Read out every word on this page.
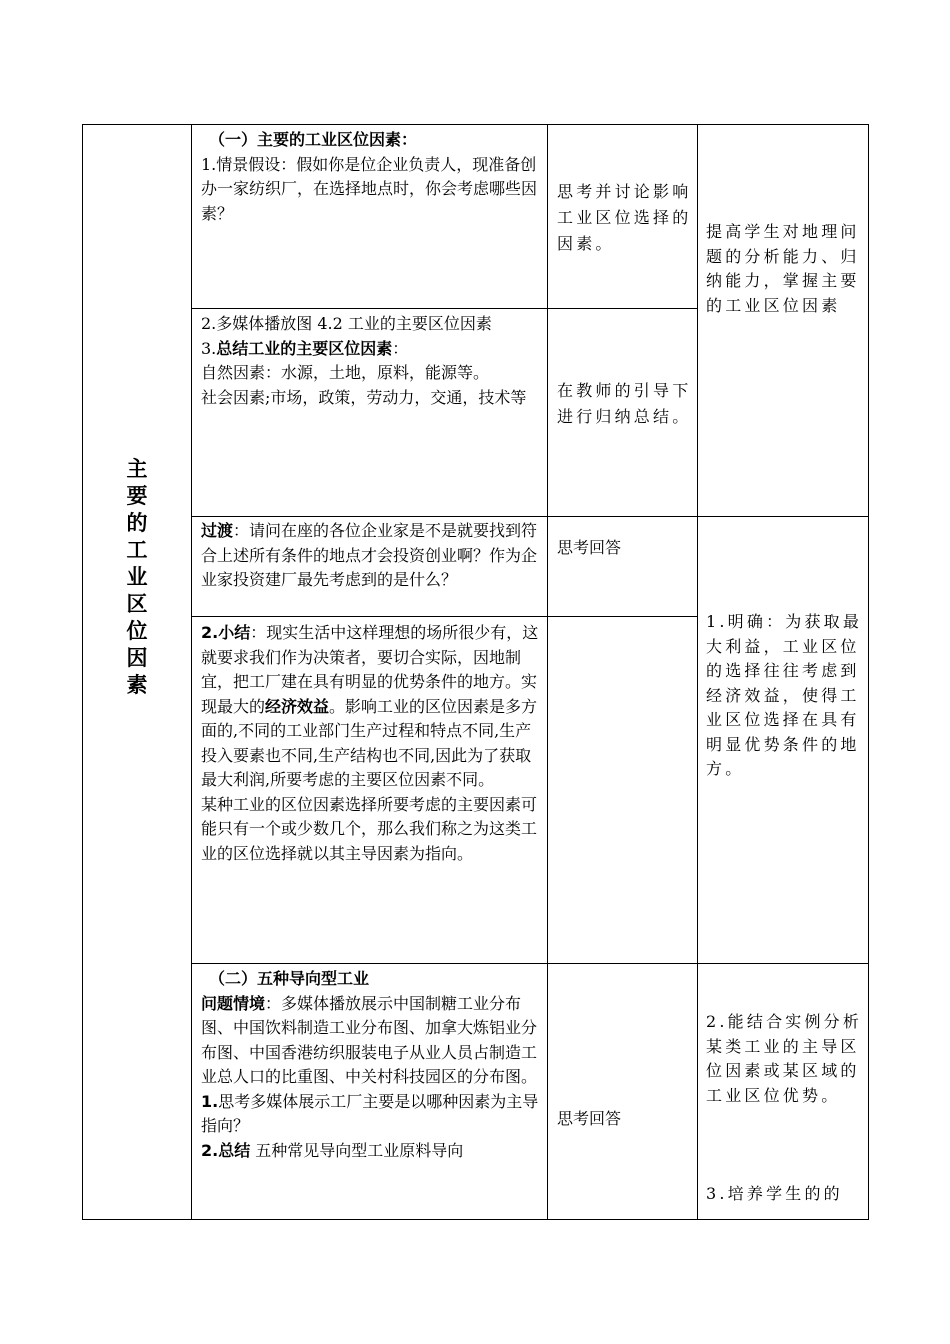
主
要
的
工
业
区
位
因
素

（一）主要的工业区位因素：

1.情景假设：假如你是位企业负责人，现准备创办一家纺织厂，在选择地点时，你会考虑哪些因素？

2.多媒体播放图 4.2 工业的主要区位因素

3.总结工业的主要区位因素：

自然因素：水源，土地，原料，能源等。

社会因素;市场，政策，劳动力，交通，技术等

过渡：请问在座的各位企业家是不是就要找到符合上述所有条件的地点才会投资创业啊？作为企业家投资建厂最先考虑到的是什么？

2.小结：现实生活中这样理想的场所很少有，这就要求我们作为决策者，要切合实际，因地制宜，把工厂建在具有明显的优势条件的地方。实现最大的经济效益。影响工业的区位因素是多方面的,不同的工业部门生产过程和特点不同,生产投入要素也不同,生产结构也不同,因此为了获取最大利润,所要考虑的主要区位因素不同。

某种工业的区位因素选择所要考虑的主要因素可能只有一个或少数几个，那么我们称之为这类工业的区位选择就以其主导因素为指向。

（二）五种导向型工业

问题情境：多媒体播放展示中国制糖工业分布图、中国饮料制造工业分布图、加拿大炼铝业分布图、中国香港纺织服装电子从业人员占制造工业总人口的比重图、中关村科技园区的分布图。

1.思考多媒体展示工厂主要是以哪种因素为主导指向？

2.总结 五种常见导向型工业原料导向

思考并讨论影响工业区位选择的因素。
在教师的引导下进行归纳总结。
思考回答
思考回答
提高学生对地理问题的分析能力、归纳能力，掌握主要的工业区位因素
1.明确：为获取最大利益，工业区位的选择往往考虑到经济效益，使得工业区位选择在具有明显优势条件的地方。
2.能结合实例分析某类工业的主导区位因素或某区域的工业区位优势。
3.培养学生的的
